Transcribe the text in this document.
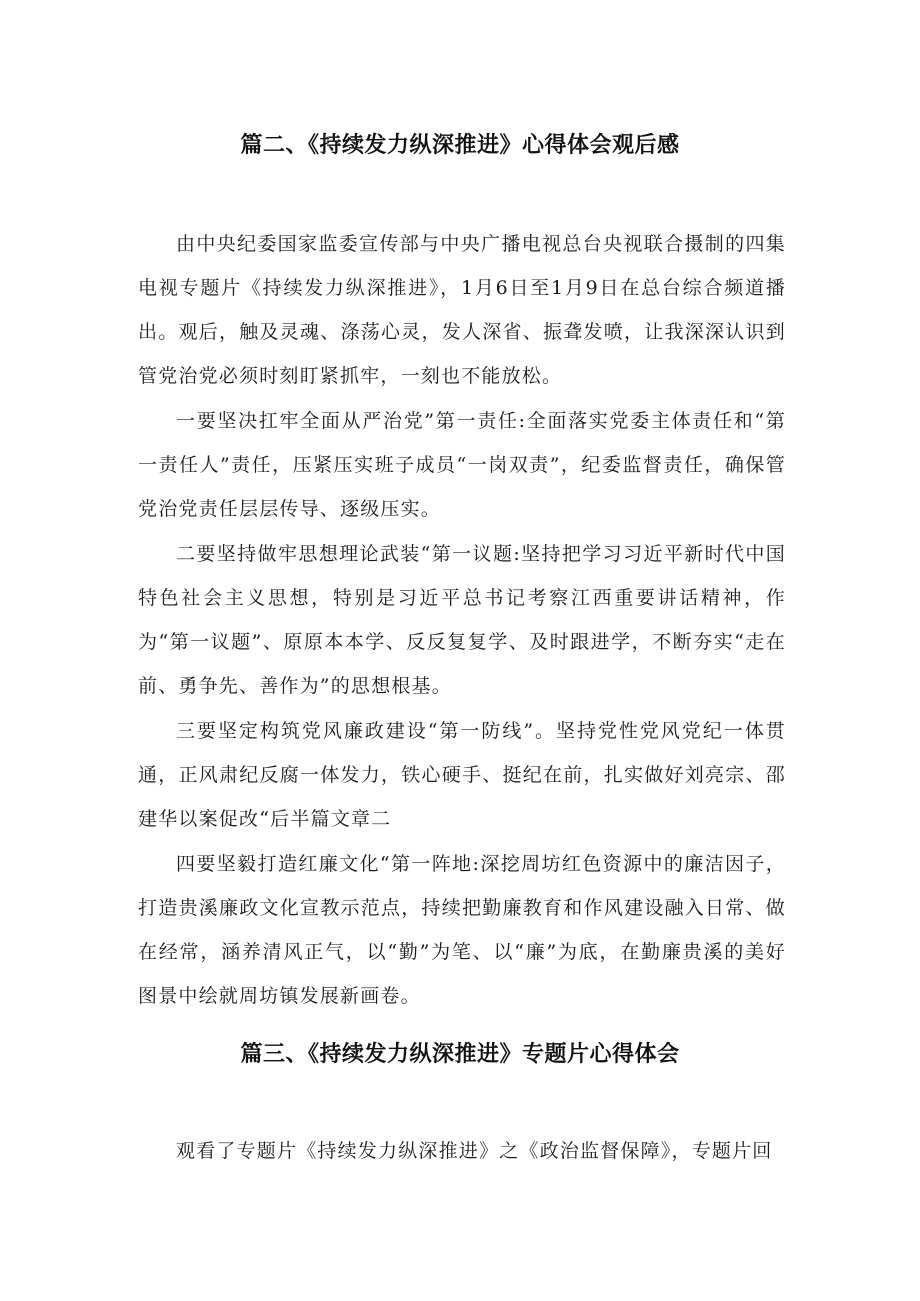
篇二、《持续发力纵深推进》心得体会观后感

由中央纪委国家监委宣传部与中央广播电视总台央视联合摄制的四集电视专题片《持续发力纵深推进》，1月6日至1月9日在总台综合频道播出。观后，触及灵魂、涤荡心灵，发人深省、振聋发喷，让我深深认识到管党治党必须时刻盯紧抓牢，一刻也不能放松。

一要坚决扛牢全面从严治党”第一责任:全面落实党委主体责任和“第一责任人”责任，压紧压实班子成员“一岗双责”，纪委监督责任，确保管党治党责任层层传导、逐级压实。

二要坚持做牢思想理论武装“第一议题:坚持把学习习近平新时代中国特色社会主义思想，特别是习近平总书记考察江西重要讲话精神，作为“第一议题”、原原本本学、反反复复学、及时跟进学，不断夯实“走在前、勇争先、善作为”的思想根基。

三要坚定构筑党风廉政建设“第一防线”。坚持党性党风党纪一体贯通，正风肃纪反腐一体发力，铁心硬手、挺纪在前，扎实做好刘亮宗、邵建华以案促改“后半篇文章二

四要坚毅打造红廉文化“第一阵地:深挖周坊红色资源中的廉洁因子，打造贵溪廉政文化宣教示范点，持续把勤廉教育和作风建设融入日常、做在经常，涵养清风正气，以“勤”为笔、以“廉”为底，在勤廉贵溪的美好图景中绘就周坊镇发展新画卷。

篇三、《持续发力纵深推进》专题片心得体会

观看了专题片《持续发力纵深推进》之《政治监督保障》，专题片回
